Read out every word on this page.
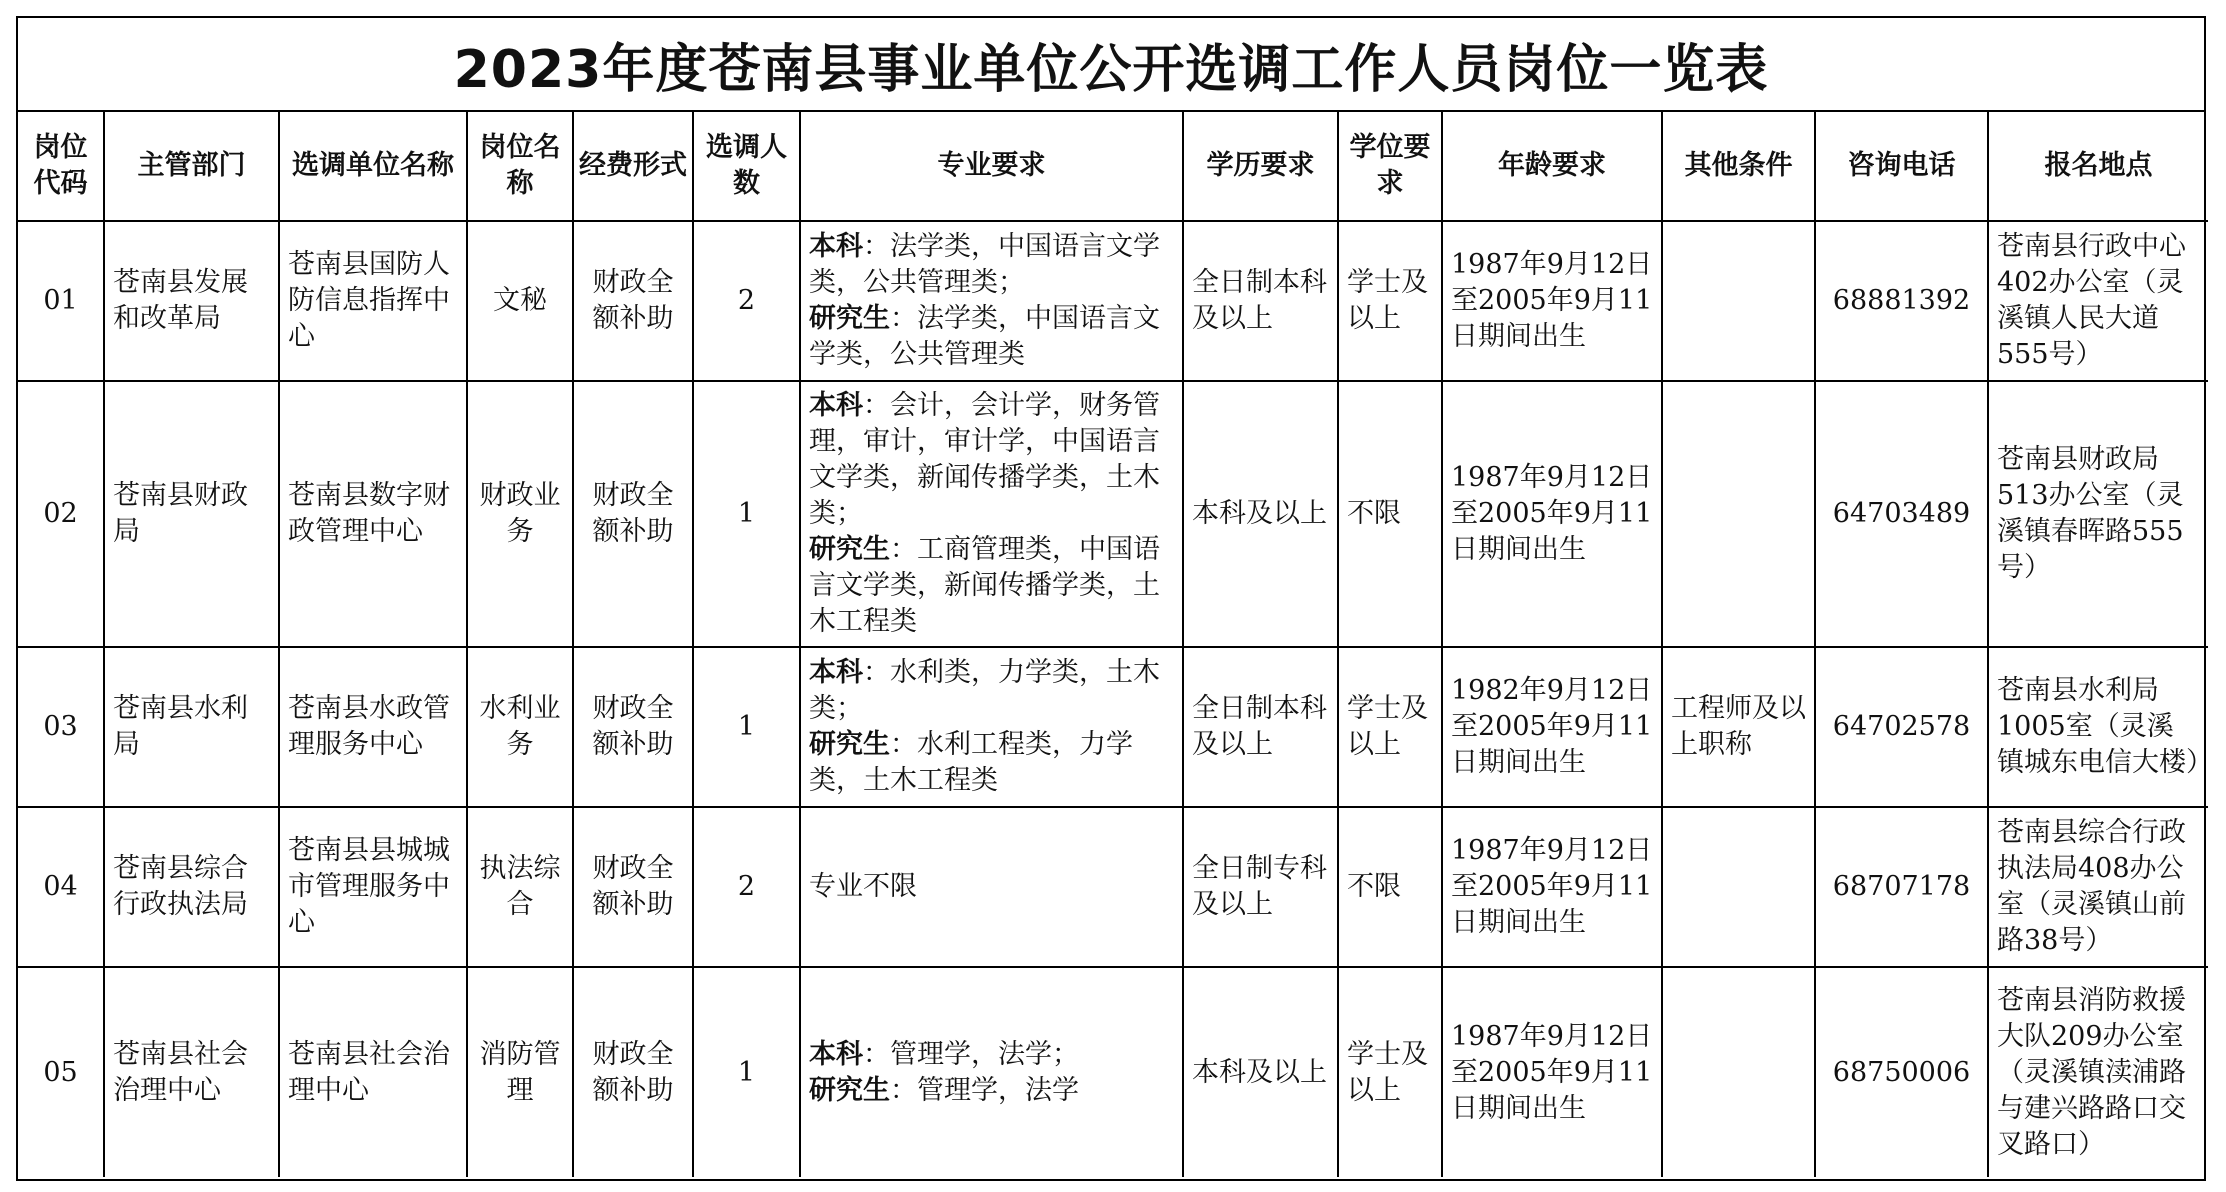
2023年度苍南县事业单位公开选调工作人员岗位一览表
岗位代码	主管部门	选调单位名称	岗位名称	经费形式	选调人数	专业要求	学历要求	学位要求	年龄要求	其他条件	咨询电话	报名地点
01	苍南县发展和改革局	苍南县国防人防信息指挥中心	文秘	财政全额补助	2	本科：法学类，中国语言文学类，公共管理类；
研究生：法学类，中国语言文学类，公共管理类	全日制本科及以上	学士及以上	1987年9月12日至2005年9月11日期间出生		68881392	苍南县行政中心402办公室（灵溪镇人民大道555号）
02	苍南县财政局	苍南县数字财政管理中心	财政业务	财政全额补助	1	本科：会计，会计学，财务管理，审计，审计学，中国语言文学类，新闻传播学类，土木类；
研究生：工商管理类，中国语言文学类，新闻传播学类，土木工程类	本科及以上	不限	1987年9月12日至2005年9月11日期间出生		64703489	苍南县财政局513办公室（灵溪镇春晖路555号）
03	苍南县水利局	苍南县水政管理服务中心	水利业务	财政全额补助	1	本科：水利类，力学类，土木类；
研究生：水利工程类，力学类，土木工程类	全日制本科及以上	学士及以上	1982年9月12日至2005年9月11日期间出生	工程师及以上职称	64702578	苍南县水利局1005室（灵溪镇城东电信大楼）
04	苍南县综合行政执法局	苍南县县城城市管理服务中心	执法综合	财政全额补助	2	专业不限	全日制专科及以上	不限	1987年9月12日至2005年9月11日期间出生		68707178	苍南县综合行政执法局408办公室（灵溪镇山前路38号）
05	苍南县社会治理中心	苍南县社会治理中心	消防管理	财政全额补助	1	本科：管理学，法学；
研究生：管理学，法学	本科及以上	学士及以上	1987年9月12日至2005年9月11日期间出生		68750006	苍南县消防救援大队209办公室（灵溪镇渎浦路与建兴路路口交叉路口）
